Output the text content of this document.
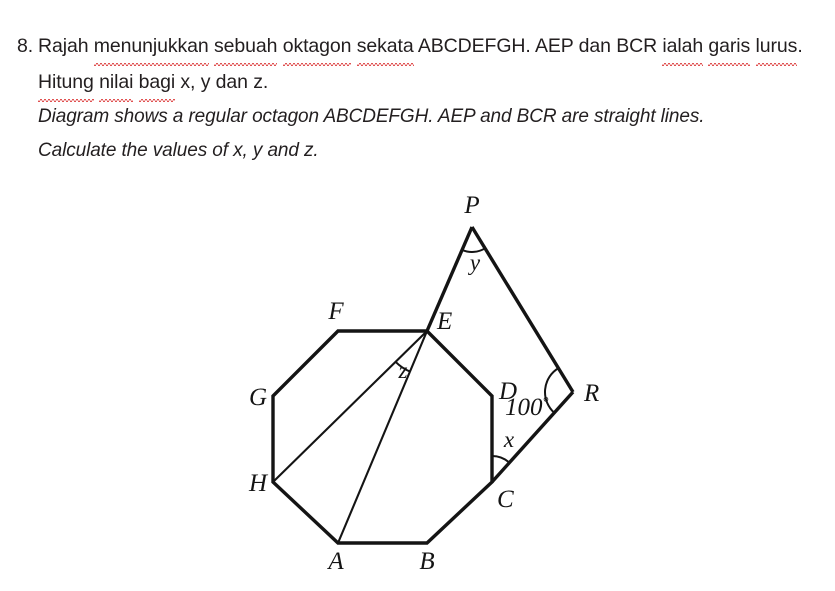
8. Rajah menunjukkan sebuah oktagon sekata ABCDEFGH. AEP dan BCR ialah garis lurus.
Hitung nilai bagi x, y dan z.
Diagram shows a regular octagon ABCDEFGH. AEP and BCR are straight lines.
Calculate the values of x, y and z.
P
E
F
G
H
A	B
C
D	R
y
z
x
100°
